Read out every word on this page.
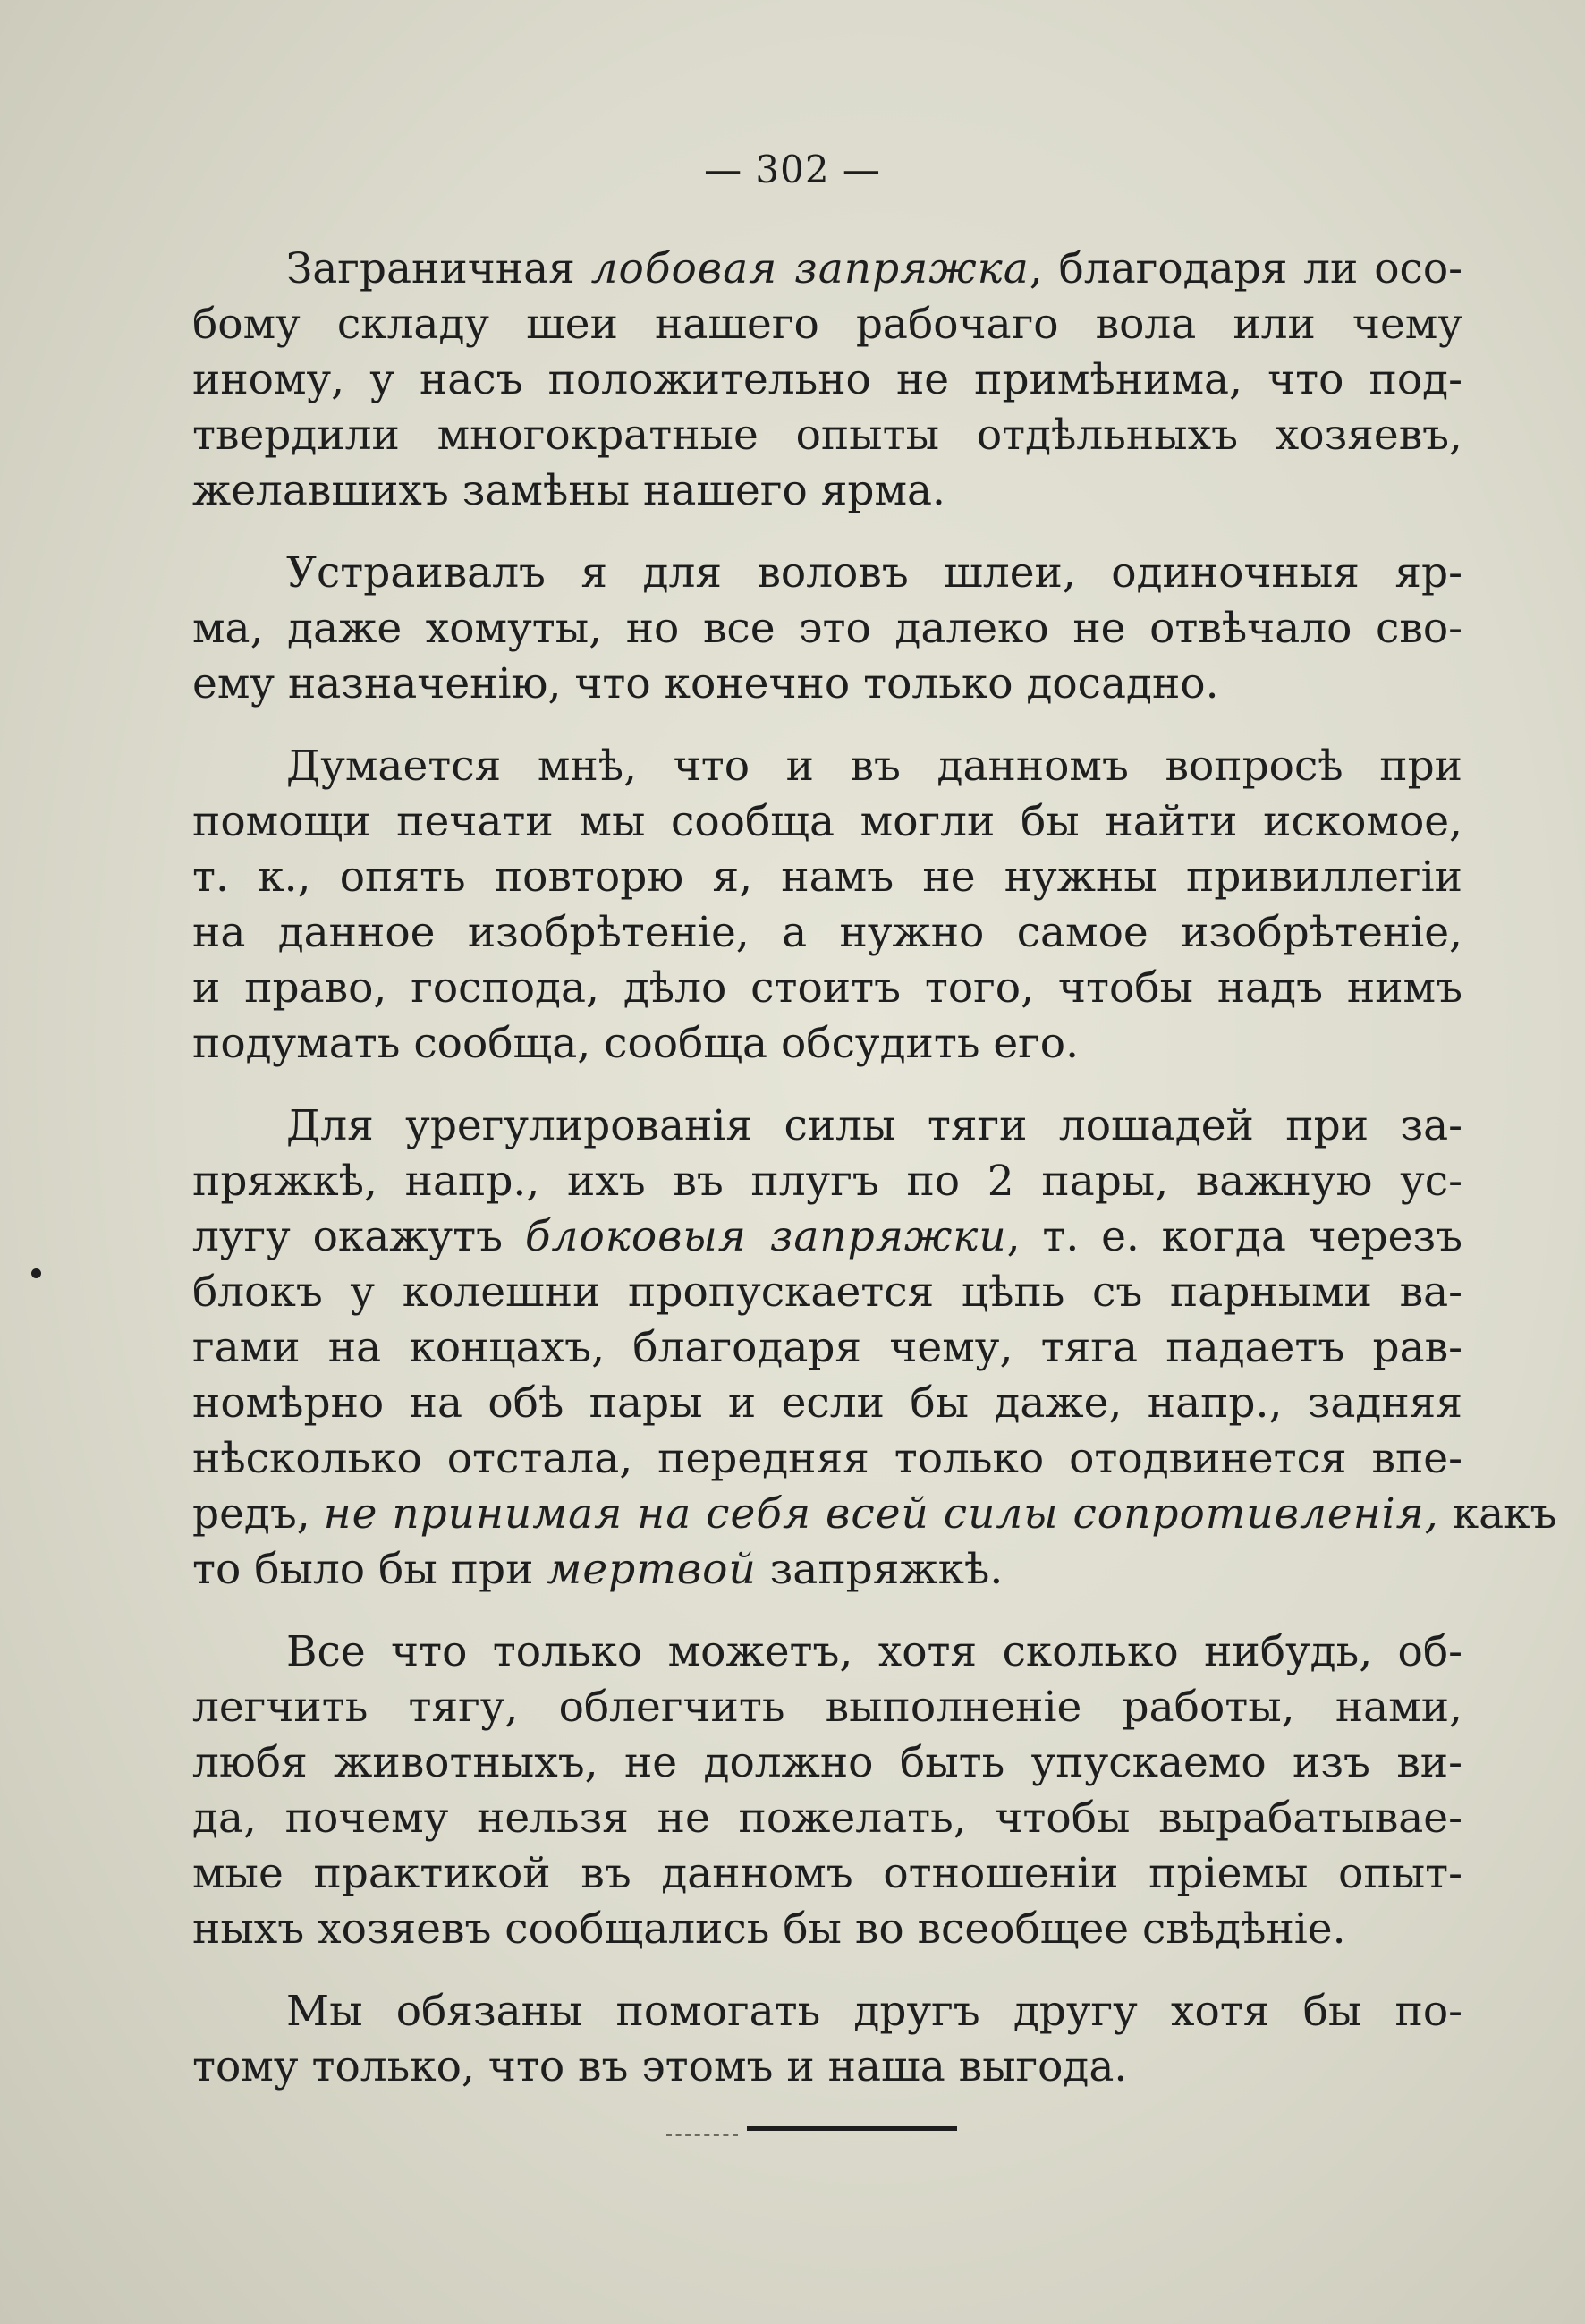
— 302 —
Заграничная лобовая запряжка, благодаря ли осо-
бому складу шеи нашего рабочаго вола или чему
иному, у насъ положительно не примѣнима, что под-
твердили многократные опыты отдѣльныхъ хозяевъ,
желавшихъ замѣны нашего ярма.
Устраивалъ я для воловъ шлеи, одиночныя яр-
ма, даже хомуты, но все это далеко не отвѣчало сво-
ему назначенію, что конечно только досадно.
Думается мнѣ, что и въ данномъ вопросѣ при
помощи печати мы сообща могли бы найти искомое,
т. к., опять повторю я, намъ не нужны привиллегіи
на данное изобрѣтеніе, а нужно самое изобрѣтеніе,
и право, господа, дѣло стоитъ того, чтобы надъ нимъ
подумать сообща, сообща обсудить его.
Для урегулированія силы тяги лошадей при за-
пряжкѣ, напр., ихъ въ плугъ по 2 пары, важную ус-
лугу окажутъ блоковыя запряжки, т. е. когда черезъ
блокъ у колешни пропускается цѣпь съ парными ва-
гами на концахъ, благодаря чему, тяга падаетъ рав-
номѣрно на обѣ пары и если бы даже, напр., задняя
нѣсколько отстала, передняя только отодвинется впе-
редъ, не принимая на себя всей силы сопротивленія, какъ
то было бы при мертвой запряжкѣ.
Все что только можетъ, хотя сколько нибудь, об-
легчить тягу, облегчить выполненіе работы, нами,
любя животныхъ, не должно быть упускаемо изъ ви-
да, почему нельзя не пожелать, чтобы вырабатывае-
мые практикой въ данномъ отношеніи пріемы опыт-
ныхъ хозяевъ сообщались бы во всеобщее свѣдѣніе.
Мы обязаны помогать другъ другу хотя бы по-
тому только, что въ этомъ и наша выгода.
